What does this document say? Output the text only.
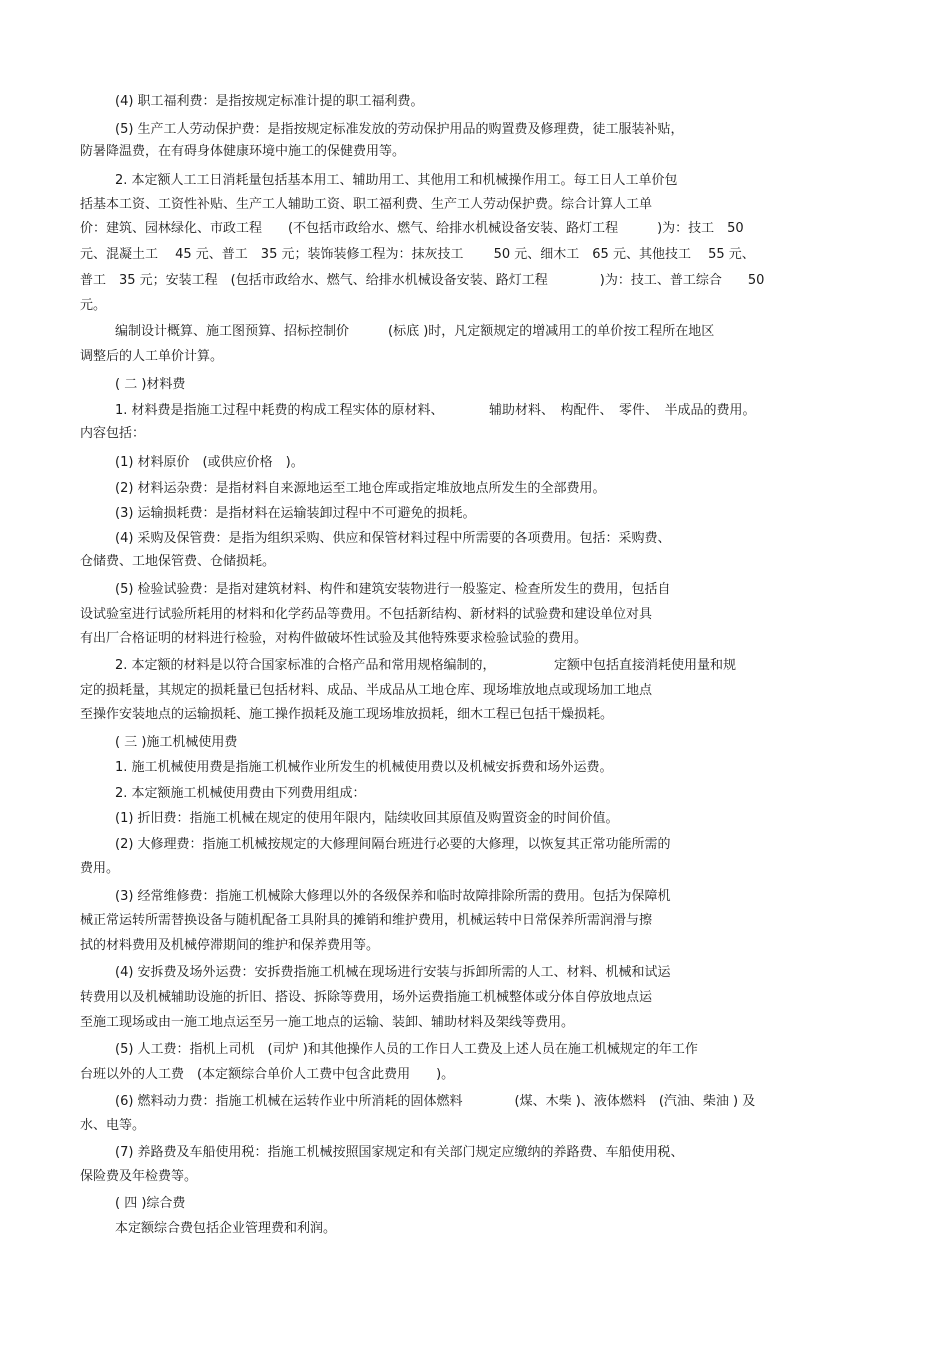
(4) 职工福利费：是指按规定标准计提的职工福利费。
(5) 生产工人劳动保护费：是指按规定标准发放的劳动保护用品的购置费及修理费，徒工服装补贴，
防暑降温费，在有碍身体健康环境中施工的保健费用等。
2. 本定额人工工日消耗量包括基本用工、辅助用工、其他用工和机械操作用工。每工日人工单价包
括基本工资、工资性补贴、生产工人辅助工资、职工福利费、生产工人劳动保护费。综合计算人工单
价：建筑、园林绿化、市政工程　　(不包括市政给水、燃气、给排水机械设备安装、路灯工程　　　)为：技工　50
元、混凝土工　 45 元、普工　35 元；装饰装修工程为：抹灰技工　　 50 元、细木工　65 元、其他技工　 55 元、
普工　35 元；安装工程　(包括市政给水、燃气、给排水机械设备安装、路灯工程　　　　)为：技工、普工综合　　50
元。
编制设计概算、施工图预算、招标控制价　　　(标底 )时，凡定额规定的增减用工的单价按工程所在地区
调整后的人工单价计算。
( 二 )材料费
1. 材料费是指施工过程中耗费的构成工程实体的原材料、　　　　辅助材料、　构配件、　零件、　半成品的费用。
内容包括：
(1) 材料原价　(或供应价格　)。
(2) 材料运杂费：是指材料自来源地运至工地仓库或指定堆放地点所发生的全部费用。
(3) 运输损耗费：是指材料在运输装卸过程中不可避免的损耗。
(4) 采购及保管费：是指为组织采购、供应和保管材料过程中所需要的各项费用。包括：采购费、
仓储费、工地保管费、仓储损耗。
(5) 检验试验费：是指对建筑材料、构件和建筑安装物进行一般鉴定、检查所发生的费用，包括自
设试验室进行试验所耗用的材料和化学药品等费用。不包括新结构、新材料的试验费和建设单位对具
有出厂合格证明的材料进行检验，对构件做破坏性试验及其他特殊要求检验试验的费用。
2. 本定额的材料是以符合国家标准的合格产品和常用规格编制的，　　　　　定额中包括直接消耗使用量和规
定的损耗量，其规定的损耗量已包括材料、成品、半成品从工地仓库、现场堆放地点或现场加工地点
至操作安装地点的运输损耗、施工操作损耗及施工现场堆放损耗，细木工程已包括干燥损耗。
( 三 )施工机械使用费
1. 施工机械使用费是指施工机械作业所发生的机械使用费以及机械安拆费和场外运费。
2. 本定额施工机械使用费由下列费用组成：
(1) 折旧费：指施工机械在规定的使用年限内，陆续收回其原值及购置资金的时间价值。
(2) 大修理费：指施工机械按规定的大修理间隔台班进行必要的大修理，以恢复其正常功能所需的
费用。
(3) 经常维修费：指施工机械除大修理以外的各级保养和临时故障排除所需的费用。包括为保障机
械正常运转所需替换设备与随机配备工具附具的摊销和维护费用，机械运转中日常保养所需润滑与擦
拭的材料费用及机械停滞期间的维护和保养费用等。
(4) 安拆费及场外运费：安拆费指施工机械在现场进行安装与拆卸所需的人工、材料、机械和试运
转费用以及机械辅助设施的折旧、搭设、拆除等费用，场外运费指施工机械整体或分体自停放地点运
至施工现场或由一施工地点运至另一施工地点的运输、装卸、辅助材料及架线等费用。
(5) 人工费：指机上司机　(司炉 )和其他操作人员的工作日人工费及上述人员在施工机械规定的年工作
台班以外的人工费　(本定额综合单价人工费中包含此费用　　)。
(6) 燃料动力费：指施工机械在运转作业中所消耗的固体燃料　　　　(煤、木柴 )、液体燃料　(汽油、柴油 ) 及
水、电等。
(7) 养路费及车船使用税：指施工机械按照国家规定和有关部门规定应缴纳的养路费、车船使用税、
保险费及年检费等。
( 四 )综合费
本定额综合费包括企业管理费和利润。
